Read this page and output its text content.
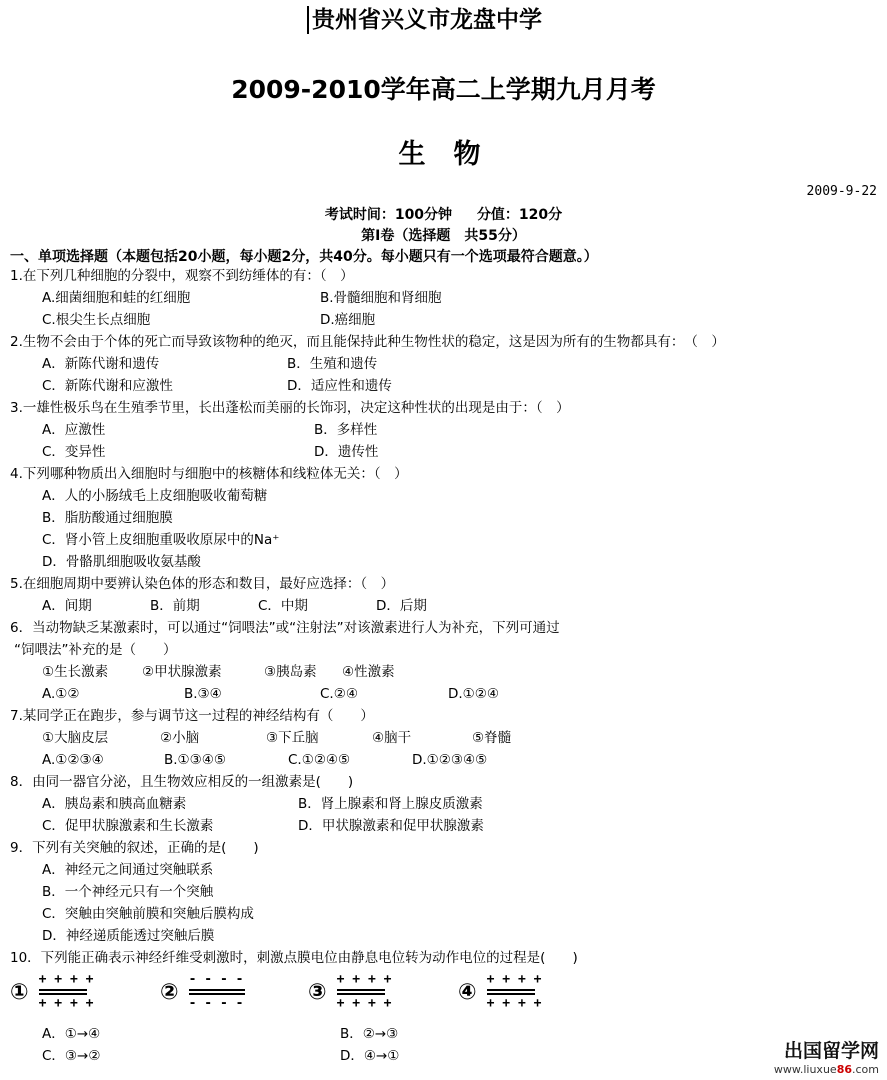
贵州省兴义市龙盘中学
2009-2010学年高二上学期九月月考
生物
2009-9-22
考试时间：100分钟 分值：120分
第Ⅰ卷（选择题　共55分）
一、单项选择题（本题包括20小题，每小题2分，共40分。每小题只有一个选项最符合题意。）
1.在下列几种细胞的分裂中，观察不到纺缍体的有：（　）
A.细菌细胞和蛙的红细胞	B.骨髓细胞和肾细胞
C.根尖生长点细胞	D.癌细胞
2.生物不会由于个体的死亡而导致该物种的绝灭，而且能保持此种生物性状的稳定，这是因为所有的生物都具有：　（　）
A．新陈代谢和遗传	B．生殖和遗传
C．新陈代谢和应激性	D．适应性和遗传
3.一雄性极乐鸟在生殖季节里，长出蓬松而美丽的长饰羽，决定这种性状的出现是由于：（　）
A．应激性	B．多样性
C．变异性	D．遗传性
4.下列哪种物质出入细胞时与细胞中的核糖体和线粒体无关：（　）
A．人的小肠绒毛上皮细胞吸收葡萄糖
B．脂肪酸通过细胞膜
C．肾小管上皮细胞重吸收原尿中的Na⁺
D．骨骼肌细胞吸收氨基酸
5.在细胞周期中要辨认染色体的形态和数目，最好应选择：（　）
A．间期	B．前期	C．中期	D．后期
6．当动物缺乏某激素时，可以通过“饲喂法”或“注射法”对该激素进行人为补充，下列可通过
“饲喂法”补充的是（　　）
①生长激素	②甲状腺激素	③胰岛素	④性激素
A.①②	B.③④	C.②④	D.①②④
7.某同学正在跑步，参与调节这一过程的神经结构有（　　）
①大脑皮层	②小脑	③下丘脑	④脑干	⑤脊髓
A.①②③④	B.①③④⑤	C.①②④⑤	D.①②③④⑤
8．由同一器官分泌，且生物效应相反的一组激素是(　　)
A．胰岛素和胰高血糖素	B．肾上腺素和肾上腺皮质激素
C．促甲状腺激素和生长激素	D．甲状腺激素和促甲状腺激素
9．下列有关突触的叙述，正确的是(　　)
A．神经元之间通过突触联系
B．一个神经元只有一个突触
C．突触由突触前膜和突触后膜构成
D．神经递质能透过突触后膜
10．下列能正确表示神经纤维受刺激时，刺激点膜电位由静息电位转为动作电位的过程是(　　)
① + + + +
+ + + +	② - - - -
- - - -	③ + + + +
+ + + +	④ + + + +
+ + + +
A．①→④	B．②→③
C．③→②	D．④→①	出国留学网
www.liuxue86.com
